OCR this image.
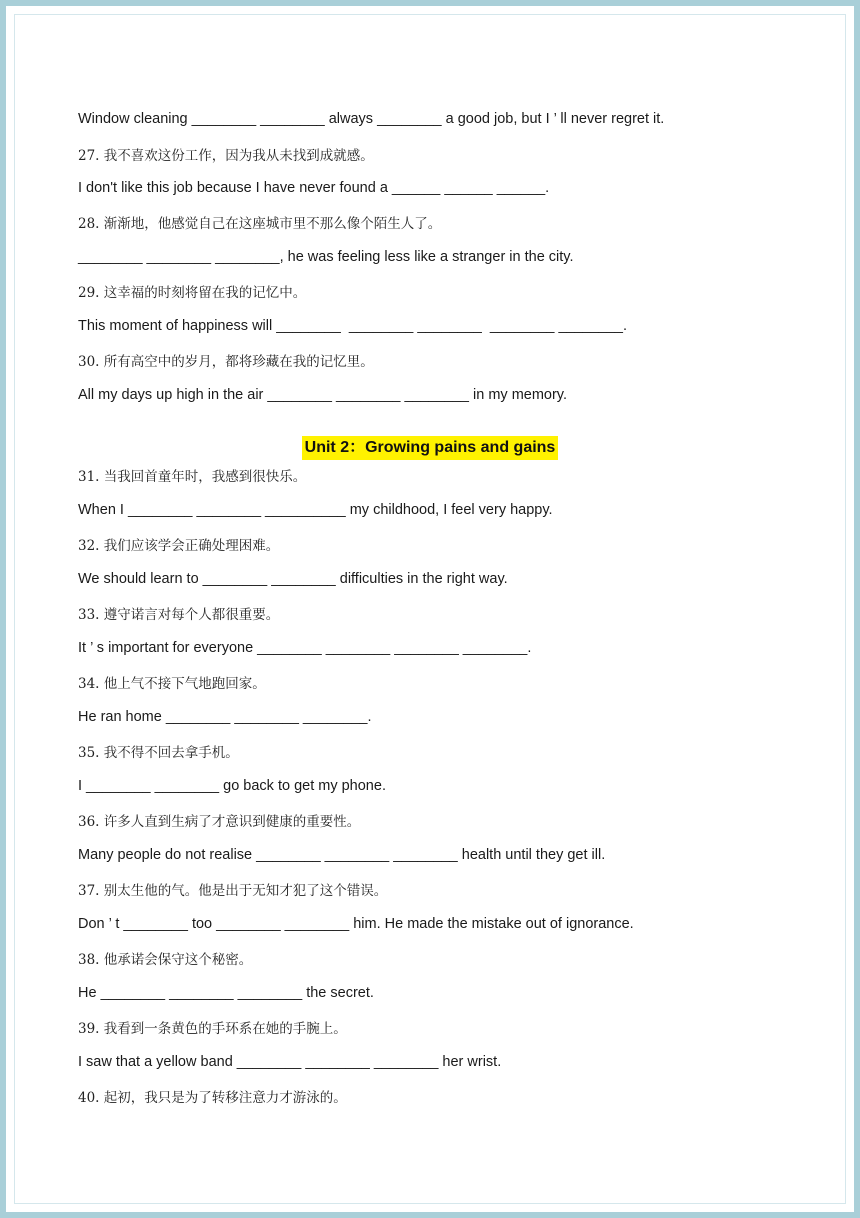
Window cleaning ________ ________ always ________ a good job, but I ’ ll never regret it.
27. 我不喜欢这份工作，因为我从未找到成就感。
I don't like this job because I have never found a ______ ______ ______.
28. 渐渐地，他感觉自己在这座城市里不那么像个陌生人了。
________ ________ ________, he was feeling less like a stranger in the city.
29. 这幸福的时刻将留在我的记忆中。
This moment of happiness will ________  ________ ________  ________ ________.
30. 所有高空中的岁月，都将珍藏在我的记忆里。
All my days up high in the air ________ ________ ________ in my memory.
Unit 2：Growing pains and gains
31. 当我回首童年时，我感到很快乐。
When I ________ ________ __________ my childhood, I feel very happy.
32. 我们应该学会正确处理困难。
We should learn to ________ ________ difficulties in the right way.
33. 遵守诺言对每个人都很重要。
It ’ s important for everyone ________ ________ ________ ________.
34. 他上气不接下气地跑回家。
He ran home ________ ________ ________.
35. 我不得不回去拿手机。
I ________ ________ go back to get my phone.
36. 许多人直到生病了才意识到健康的重要性。
Many people do not realise ________ ________ ________ health until they get ill.
37. 别太生他的气。他是出于无知才犯了这个错误。
Don ’ t ________ too ________ ________ him. He made the mistake out of ignorance.
38. 他承诺会保守这个秘密。
He ________ ________ ________ the secret.
39. 我看到一条黄色的手环系在她的手腕上。
I saw that a yellow band ________ ________ ________ her wrist.
40. 起初，我只是为了转移注意力才游泳的。
